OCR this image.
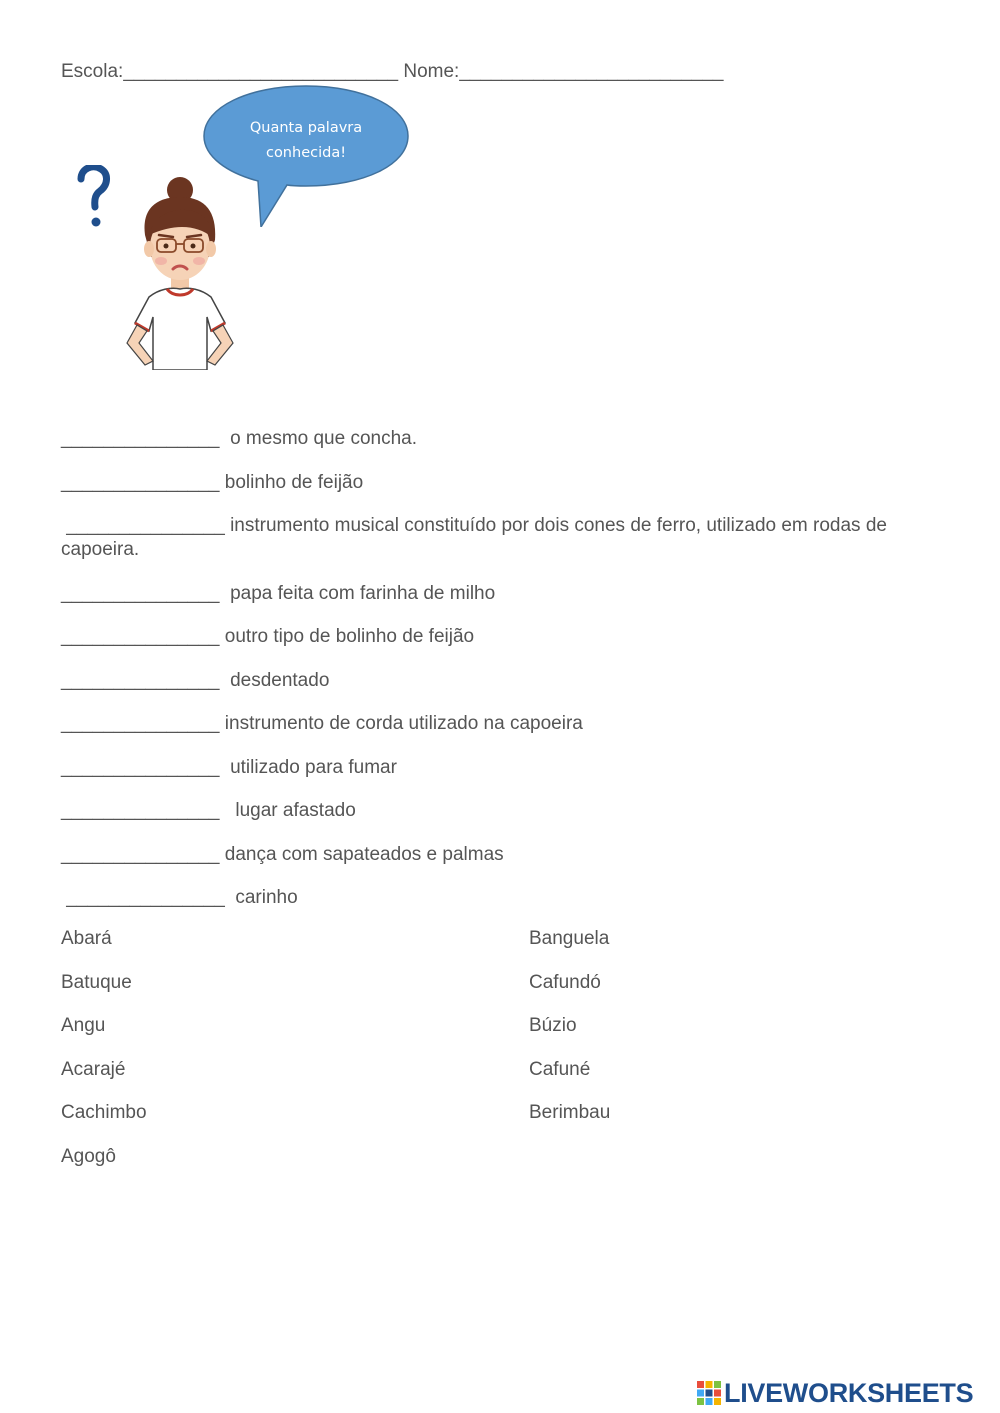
Escola:__________________________ Nome:_________________________
Quanta palavra
conhecida!
_______________  o mesmo que concha.
_______________ bolinho de feijão
_______________ instrumento musical constituído por dois cones de ferro, utilizado em rodas de capoeira.
_______________  papa feita com farinha de milho
_______________ outro tipo de bolinho de feijão
_______________  desdentado
_______________ instrumento de corda utilizado na capoeira
_______________  utilizado para fumar
_______________   lugar afastado
_______________ dança com sapateados e palmas
_______________  carinho
Abará
Batuque
Angu
Acarajé
Cachimbo
Agogô
Banguela
Cafundó
Búzio
Cafuné
Berimbau
LIVEWORKSHEETS
